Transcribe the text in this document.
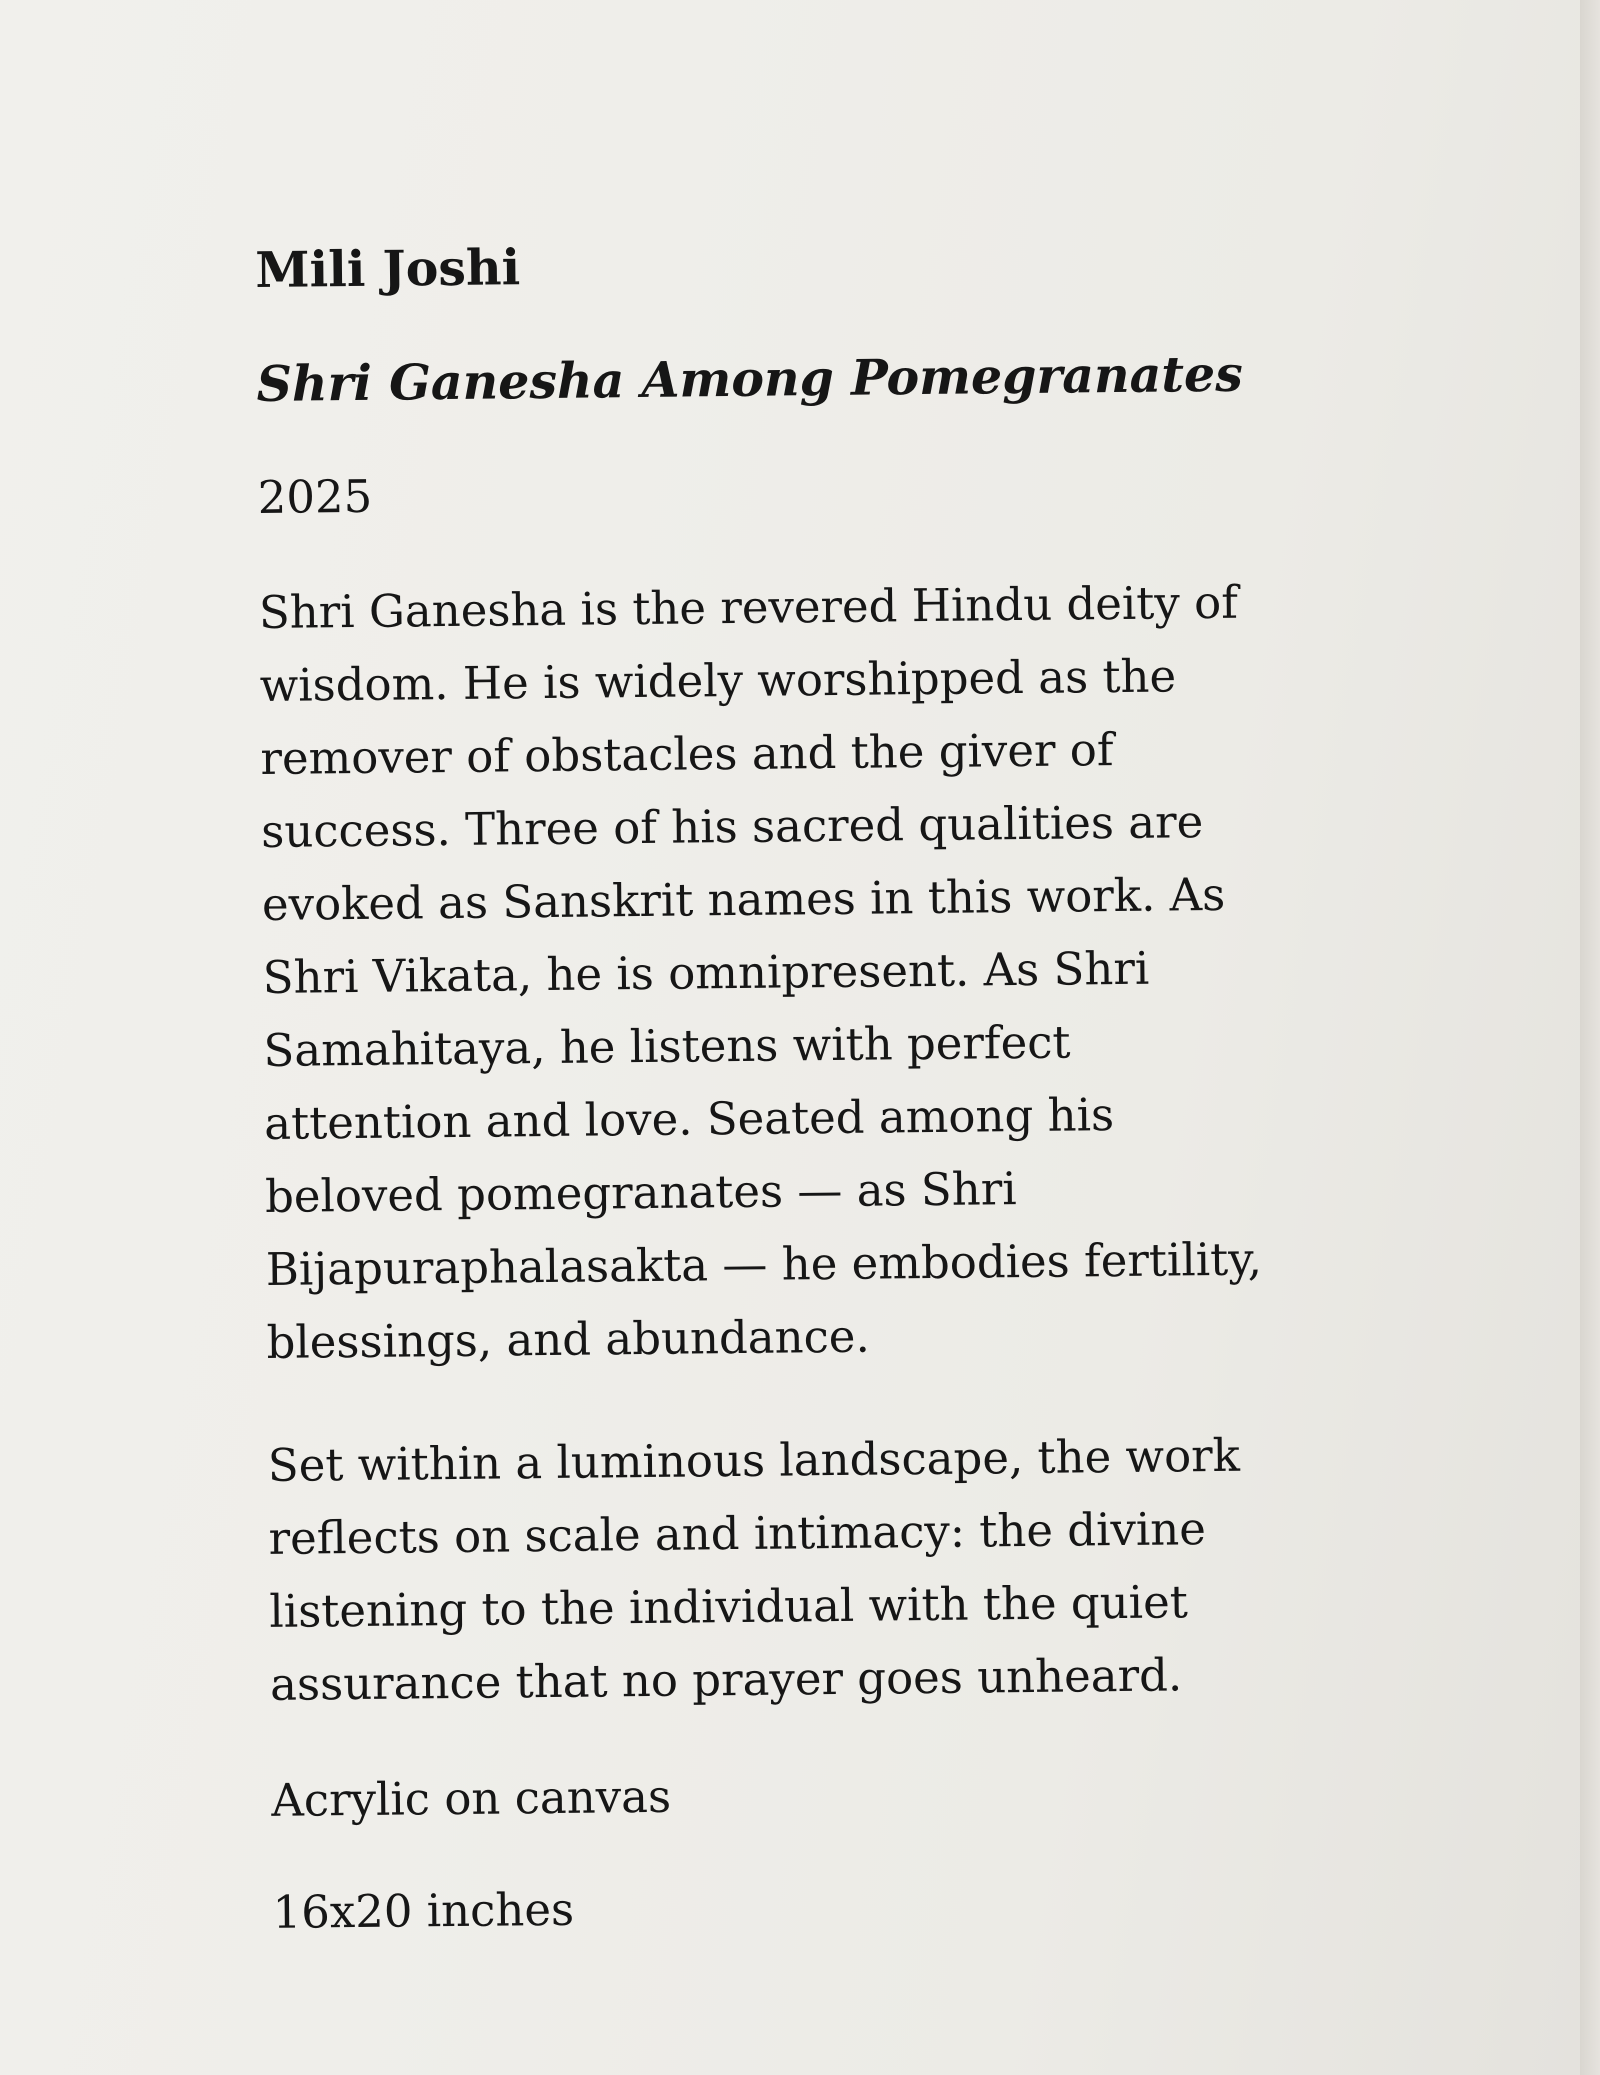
Mili Joshi
Shri Ganesha Among Pomegranates
2025
Shri Ganesha is the revered Hindu deity of
wisdom. He is widely worshipped as the
remover of obstacles and the giver of
success. Three of his sacred qualities are
evoked as Sanskrit names in this work. As
Shri Vikata, he is omnipresent. As Shri
Samahitaya, he listens with perfect
attention and love. Seated among his
beloved pomegranates — as Shri
Bijapuraphalasakta — he embodies fertility,
blessings, and abundance.
Set within a luminous landscape, the work
reflects on scale and intimacy: the divine
listening to the individual with the quiet
assurance that no prayer goes unheard.
Acrylic on canvas
16x20 inches
